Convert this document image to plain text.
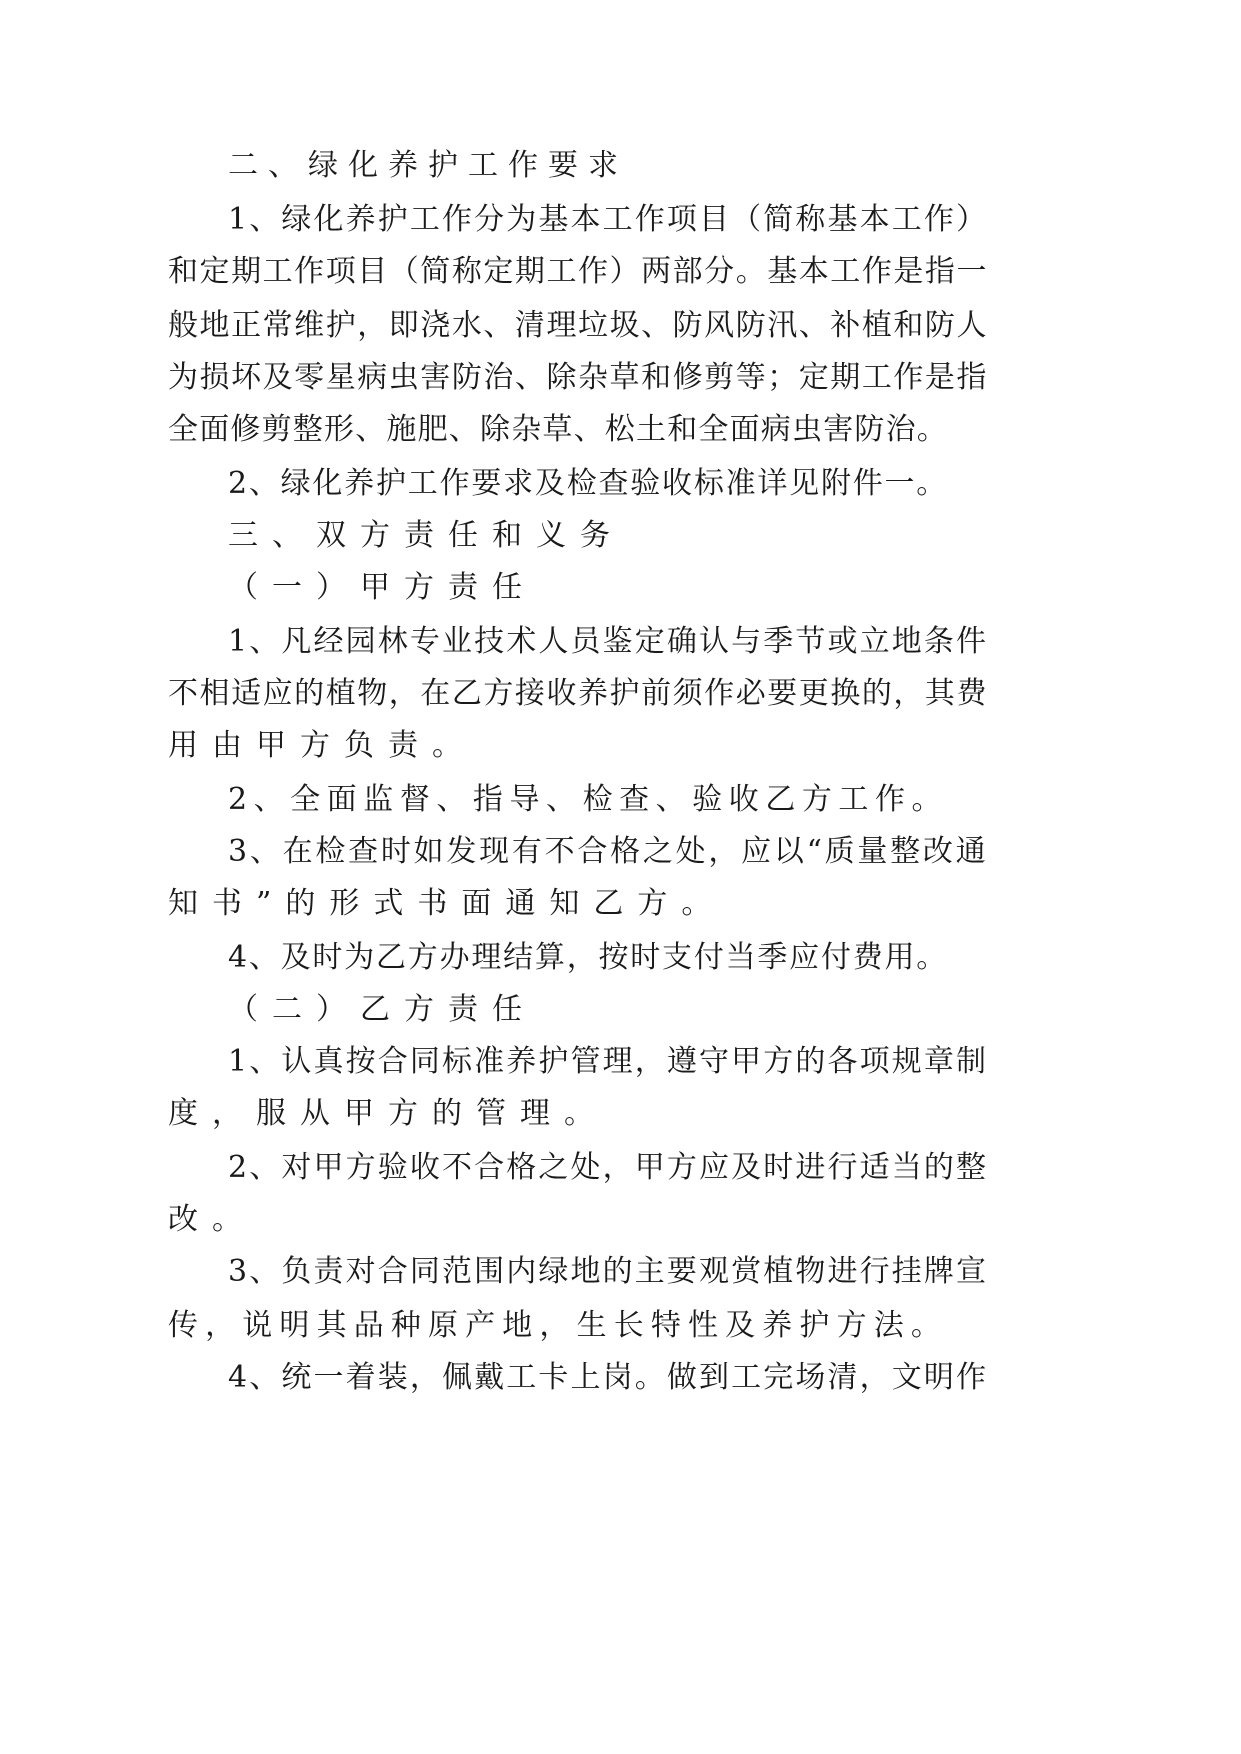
二、绿化养护工作要求
1、绿化养护工作分为基本工作项目（简称基本工作）
和定期工作项目（简称定期工作）两部分。基本工作是指一
般地正常维护，即浇水、清理垃圾、防风防汛、补植和防人
为损坏及零星病虫害防治、除杂草和修剪等；定期工作是指
全面修剪整形、施肥、除杂草、松土和全面病虫害防治。
2、绿化养护工作要求及检查验收标准详见附件一。
三、双方责任和义务
（一）甲方责任
1、凡经园林专业技术人员鉴定确认与季节或立地条件
不相适应的植物，在乙方接收养护前须作必要更换的，其费
用由甲方负责。
2、全面监督、指导、检查、验收乙方工作。
3、在检查时如发现有不合格之处，应以“质量整改通
知书”的形式书面通知乙方。
4、及时为乙方办理结算，按时支付当季应付费用。
（二）乙方责任
1、认真按合同标准养护管理，遵守甲方的各项规章制
度，服从甲方的管理。
2、对甲方验收不合格之处，甲方应及时进行适当的整
改。
3、负责对合同范围内绿地的主要观赏植物进行挂牌宣
传，说明其品种原产地，生长特性及养护方法。
4、统一着装，佩戴工卡上岗。做到工完场清，文明作
